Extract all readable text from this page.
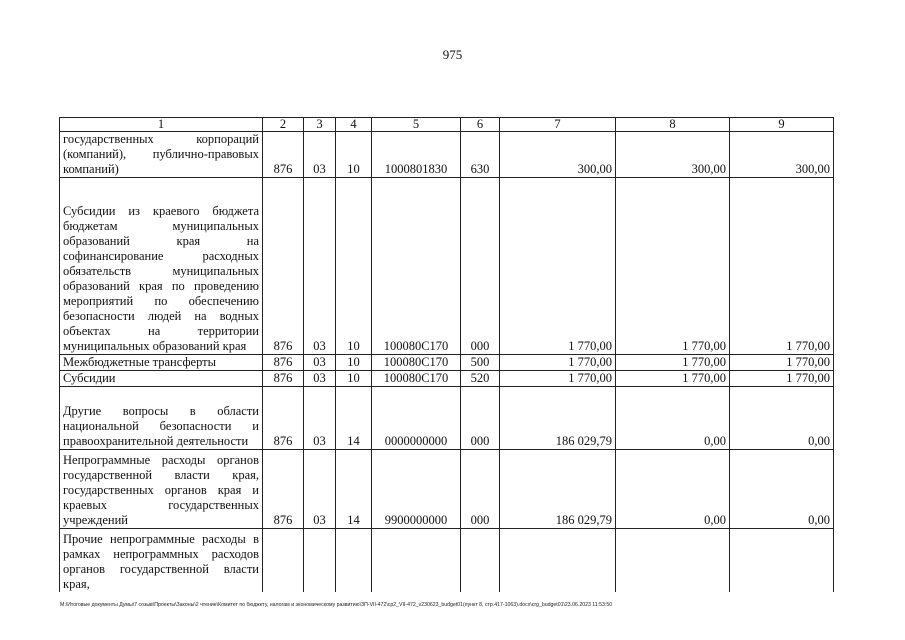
975
1	2	3	4	5	6	7	8	9

государственных корпораций (компаний), публично-правовых компаний)	876	03	10	1000801830	630	300,00	300,00	300,00

Субсидии из краевого бюджета бюджетам муниципальных образований края на софинансирование расходных обязательств муниципальных образований края по проведению мероприятий по обеспечению безопасности людей на водных объектах на территории муниципальных образований края	876	03	10	100080С170	000	1 770,00	1 770,00	1 770,00

Межбюджетные трансферты	876	03	10	100080С170	500	1 770,00	1 770,00	1 770,00

Субсидии	876	03	10	100080С170	520	1 770,00	1 770,00	1 770,00

Другие вопросы в области национальной безопасности и правоохранительной деятельности	876	03	14	0000000000	000	186 029,79	0,00	0,00

Непрограммные расходы органов государственной власти края, государственных органов края и краевых государственных учреждений	876	03	14	9900000000	000	186 029,79	0,00	0,00

Прочие непрограммные расходы в рамках непрограммных расходов органов государственной власти края,								

M:\Итоговые документы Думы\7 созыв\Проекты\Законы\2 чтение\Комитет по бюджету, налогам и экономическому развитию\ЗП-VII-472\сp2_VII-472_v230623_budget01(пункт 8, стр.417-1063).docx\crg_budget01\23.06.2023 11:53:50
